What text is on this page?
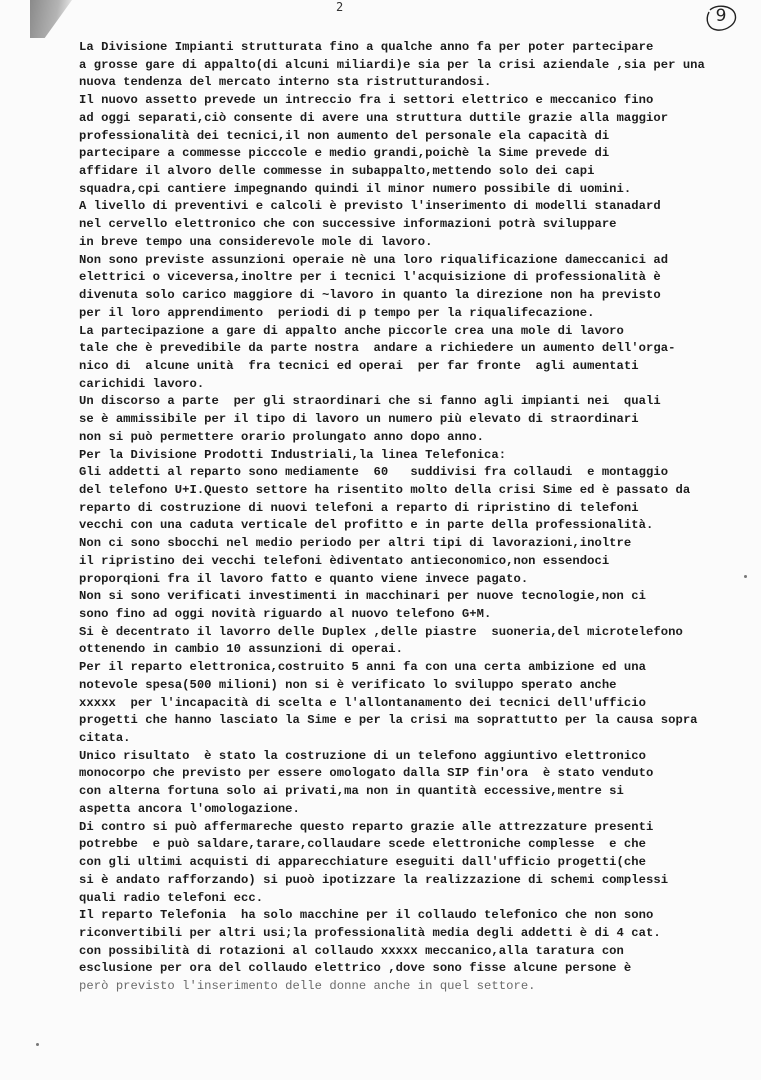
2	9
La Divisione Impianti strutturata fino a qualche anno fa per poter partecipare
a grosse gare di appalto(di alcuni miliardi)e sia per la crisi aziendale ,sia per una
nuova tendenza del mercato interno sta ristrutturandosi.
Il nuovo assetto prevede un intreccio fra i settori elettrico e meccanico fino
ad oggi separati,ciò consente di avere una struttura duttile grazie alla maggior
professionalità dei tecnici,il non aumento del personale ela capacità di
partecipare a commesse picccole e medio grandi,poichè la Sime prevede di
affidare il alvoro delle commesse in subappalto,mettendo solo dei capi
squadra,cpi cantiere impegnando quindi il minor numero possibile di uomini.
A livello di preventivi e calcoli è previsto l'inserimento di modelli stanadard
nel cervello elettronico che con successive informazioni potrà sviluppare
in breve tempo una considerevole mole di lavoro.
Non sono previste assunzioni operaie nè una loro riqualificazione dameccanici ad
elettrici o viceversa,inoltre per i tecnici l'acquisizione di professionalità è
divenuta solo carico maggiore di ~lavoro in quanto la direzione non ha previsto
per il loro apprendimento  periodi di p tempo per la riqualifecazione.
La partecipazione a gare di appalto anche piccorle crea una mole di lavoro
tale che è prevedibile da parte nostra  andare a richiedere un aumento dell'orga-
nico di  alcune unità  fra tecnici ed operai  per far fronte  agli aumentati
carichidi lavoro.
Un discorso a parte  per gli straordinari che si fanno agli impianti nei  quali
se è ammissibile per il tipo di lavoro un numero più elevato di straordinari
non si può permettere orario prolungato anno dopo anno.
Per la Divisione Prodotti Industriali,la linea Telefonica:
Gli addetti al reparto sono mediamente  60   suddivisi fra collaudi  e montaggio
del telefono U+I.Questo settore ha risentito molto della crisi Sime ed è passato da
reparto di costruzione di nuovi telefoni a reparto di ripristino di telefoni
vecchi con una caduta verticale del profitto e in parte della professionalità.
Non ci sono sbocchi nel medio periodo per altri tipi di lavorazioni,inoltre
il ripristino dei vecchi telefoni èdiventato antieconomico,non essendoci
proporqioni fra il lavoro fatto e quanto viene invece pagato.
Non si sono verificati investimenti in macchinari per nuove tecnologie,non ci
sono fino ad oggi novità riguardo al nuovo telefono G+M.
Si è decentrato il lavorro delle Duplex ,delle piastre  suoneria,del microtelefono
ottenendo in cambio 10 assunzioni di operai.
Per il reparto elettronica,costruito 5 anni fa con una certa ambizione ed una
notevole spesa(500 milioni) non si è verificato lo sviluppo sperato anche
xxxxx  per l'incapacità di scelta e l'allontanamento dei tecnici dell'ufficio
progetti che hanno lasciato la Sime e per la crisi ma soprattutto per la causa sopra
citata.
Unico risultato  è stato la costruzione di un telefono aggiuntivo elettronico
monocorpo che previsto per essere omologato dalla SIP fin'ora  è stato venduto
con alterna fortuna solo ai privati,ma non in quantità eccessive,mentre si
aspetta ancora l'omologazione.
Di contro si può affermareche questo reparto grazie alle attrezzature presenti
potrebbe  e può saldare,tarare,collaudare scede elettroniche complesse  e che
con gli ultimi acquisti di apparecchiature eseguiti dall'ufficio progetti(che
si è andato rafforzando) si puoò ipotizzare la realizzazione di schemi complessi
quali radio telefoni ecc.
Il reparto Telefonia  ha solo macchine per il collaudo telefonico che non sono
riconvertibili per altri usi;la professionalità media degli addetti è di 4 cat.
con possibilità di rotazioni al collaudo xxxxx meccanico,alla taratura con
esclusione per ora del collaudo elettrico ,dove sono fisse alcune persone è
però previsto l'inserimento delle donne anche in quel settore.
